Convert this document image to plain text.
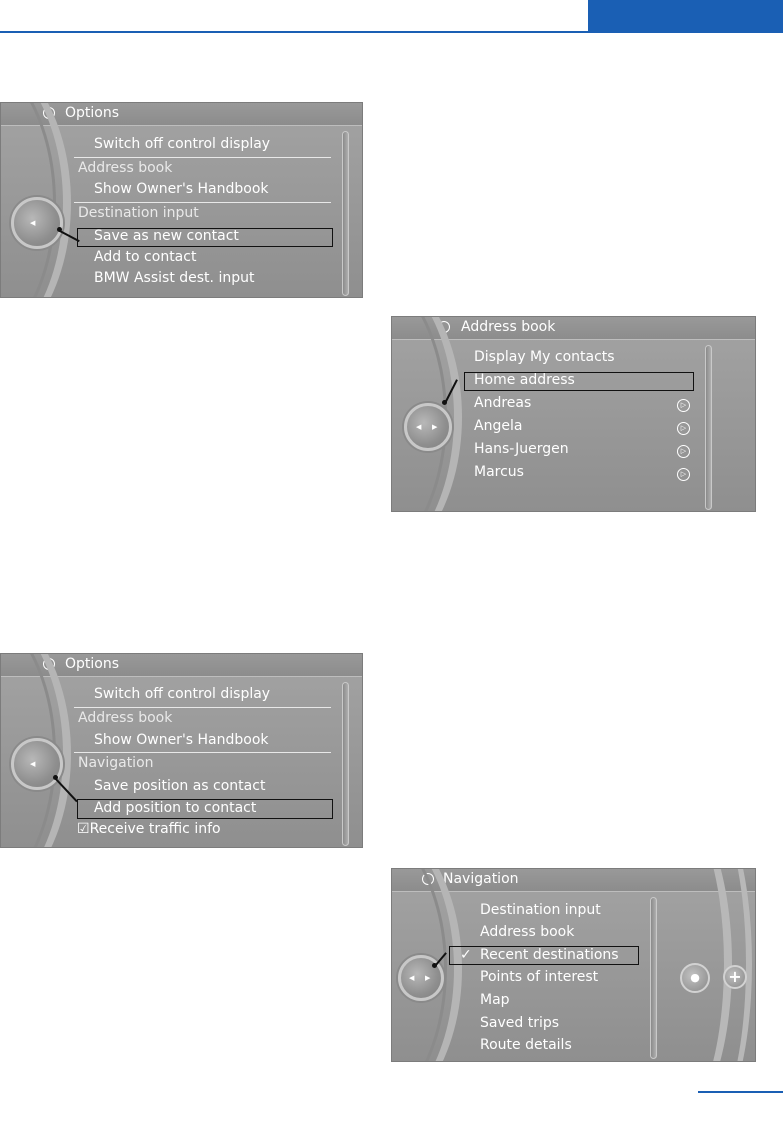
Options
◀
Switch off control display
Address book
Show Owner's Handbook
Destination input
Save as new contact
Add to contact
BMW Assist dest. input
Address book
◀ ▶
Display My contacts
Home address
Andreas
Angela
Hans-Juergen
Marcus
▷
▷
▷
▷
Options
◀
Switch off control display
Address book
Show Owner's Handbook
Navigation
Save position as contact
Add position to contact
☑Receive traffic info
Navigation
◀ ▶
Destination input
Address book
✓ Recent destinations
Points of interest
Map
Saved trips
Route details
●	+
